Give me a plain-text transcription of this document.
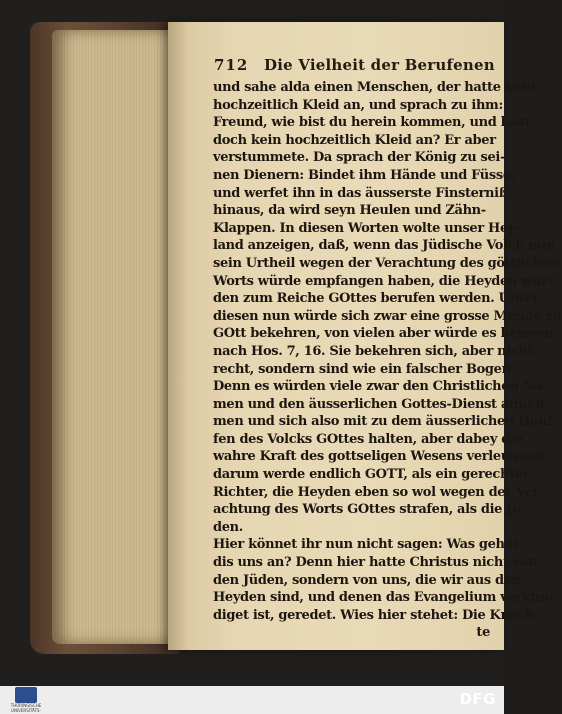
712 Die Vielheit der Berufenen
und sahe alda einen Menschen, der hatte kein
hochzeitlich Kleid an, und sprach zu ihm:
Freund, wie bist du herein kommen, und hast
doch kein hochzeitlich Kleid an? Er aber
verstummete. Da sprach der König zu sei-
nen Dienern: Bindet ihm Hände und Füsse,
und werfet ihn in das äusserste Finsterniß
hinaus, da wird seyn Heulen und Zähn-
Klappen. In diesen Worten wolte unser Hey-
land anzeigen, daß, wenn das Jüdische Volck nun
sein Urtheil wegen der Verachtung des göttlichen
Worts würde empfangen haben, die Heyden wür-
den zum Reiche GOttes berufen werden. Unter
diesen nun würde sich zwar eine grosse Menge zu
GOtt bekehren, von vielen aber würde es heissen
nach Hos. 7, 16. Sie bekehren sich, aber nicht
recht, sondern sind wie ein falscher Bogen.
Denn es würden viele zwar den Christlichen Na-
men und den äusserlichen Gottes-Dienst anneh-
men und sich also mit zu dem äusserlichen Hauf-
fen des Volcks GOttes halten, aber dabey die
wahre Kraft des gottseligen Wesens verleugnen;
darum werde endlich GOTT, als ein gerechter
Richter, die Heyden eben so wol wegen der Ver-
achtung des Worts GOttes strafen, als die Jü-
den.
Hier könnet ihr nun nicht sagen: Was gehet
dis uns an? Denn hier hatte Christus nicht von
den Jüden, sondern von uns, die wir aus den
Heyden sind, und denen das Evangelium verkün-
diget ist, geredet. Wies hier stehet: Die Knech-
te
THÜRINGISCHE
UNIVERSITÄTS-
DFG
